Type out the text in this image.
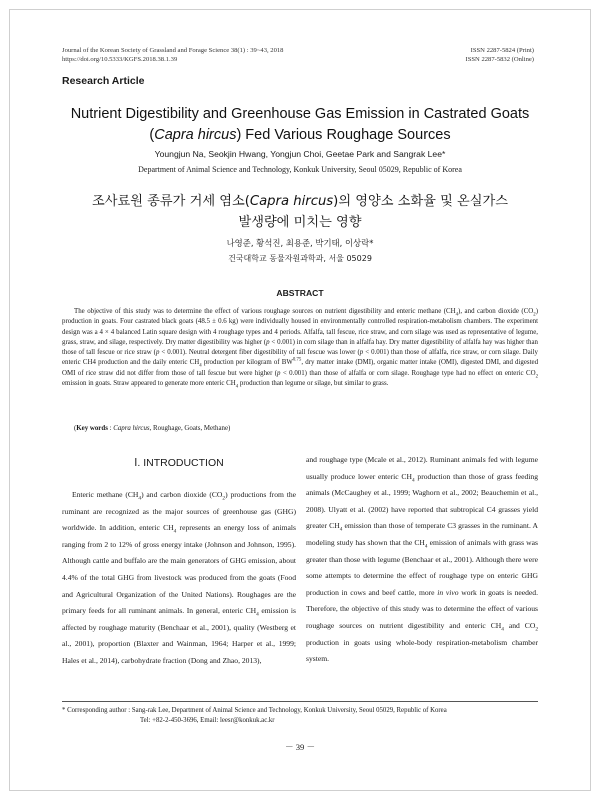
Journal of the Korean Society of Grassland and Forage Science 38(1) : 39~43, 2018
https://doi.org/10.5333/KGFS.2018.38.1.39
ISSN 2287-5824 (Print)
ISSN 2287-5832 (Online)
Research Article
Nutrient Digestibility and Greenhouse Gas Emission in Castrated Goats
(Capra hircus) Fed Various Roughage Sources
Youngjun Na, Seokjin Hwang, Yongjun Choi, Geetae Park and Sangrak Lee*
Department of Animal Science and Technology, Konkuk University, Seoul 05029, Republic of Korea
조사료원 종류가 거세 염소(Capra hircus)의 영양소 소화율 및 온실가스
발생량에 미치는 영향
나영준, 황석진, 최용준, 박기태, 이상락*
건국대학교 동물자원과학과, 서울 05029
ABSTRACT
The objective of this study was to determine the effect of various roughage sources on nutrient digestibility and enteric methane $(CH_4)$, and carbon dioxide $(CO_2)$ production in goats. Four castrated black goats (48.5 ± 0.6 kg) were individually housed in environmentally controlled respiration-metabolism chambers. The experiment design was a 4 × 4 balanced Latin square design with 4 roughage types and 4 periods. Alfalfa, tall fescue, rice straw, and corn silage was used as representative of legume, grass, straw, and silage, respectively. Dry matter digestibility was higher (p < 0.001) in corn silage than in alfalfa hay. Dry matter digestibility of alfalfa hay was higher than those of tall fescue or rice straw (p < 0.001). Neutral detergent fiber digestibility of tall fescue was lower (p < 0.001) than those of alfalfa, rice straw, or corn silage. Daily enteric CH4 production and the daily enteric $CH_4$ production per kilogram of $BW^{0.75}$, dry matter intake (DMI), organic matter intake (OMI), digested DMI, and digested OMI of rice straw did not differ from those of tall fescue but were higher (p < 0.001) than those of alfalfa or corn silage. Roughage type had no effect on enteric $CO_2$ emission in goats. Straw appeared to generate more enteric $CH_4$ production than legume or silage, but similar to grass.
(Key words : Capra hircus, Roughage, Goats, Methane)
Ⅰ. INTRODUCTION
Enteric methane $(CH_4)$ and carbon dioxide $(CO_2)$ productions from the ruminant are recognized as the major sources of greenhouse gas (GHG) worldwide. In addition, enteric $CH_4$ represents an energy loss of animals ranging from 2 to 12% of gross energy intake (Johnson and Johnson, 1995). Although cattle and buffalo are the main generators of GHG emission, about 4.4% of the total GHG from livestock was produced from the goats (Food and Agricultural Organization of the United Nations). Roughages are the primary feeds for all ruminant animals. In general, enteric $CH_4$ emission is affected by roughage maturity (Benchaar et al., 2001), quality (Westberg et al., 2001), proportion (Blaxter and Wainman, 1964; Harper et al., 1999; Hales et al., 2014), carbohydrate fraction (Dong and Zhao, 2013),
and roughage type (Mcale et al., 2012). Ruminant animals fed with legume usually produce lower enteric $CH_4$ production than those of grass feeding animals (McCaughey et al., 1999; Waghorn et al., 2002; Beauchemin et al., 2008). Ulyatt et al. (2002) have reported that subtropical C4 grasses yield greater $CH_4$ emission than those of temperate C3 grasses in the ruminant. A modeling study has shown that the $CH_4$ emission of animals with grass was greater than those with legume (Benchaar et al., 2001). Although there were some attempts to determine the effect of roughage type on enteric GHG production in cows and beef cattle, more in vivo work in goats is needed. Therefore, the objective of this study was to determine the effect of various roughage sources on nutrient digestibility and enteric $CH_4$ and $CO_2$ production in goats using whole-body respiration-metabolism chamber system.
* Corresponding author : Sang-rak Lee, Department of Animal Science and Technology, Konkuk University, Seoul 05029, Republic of Korea
Tel: +82-2-450-3696, Email: leesr@konkuk.ac.kr
－ 39 －
